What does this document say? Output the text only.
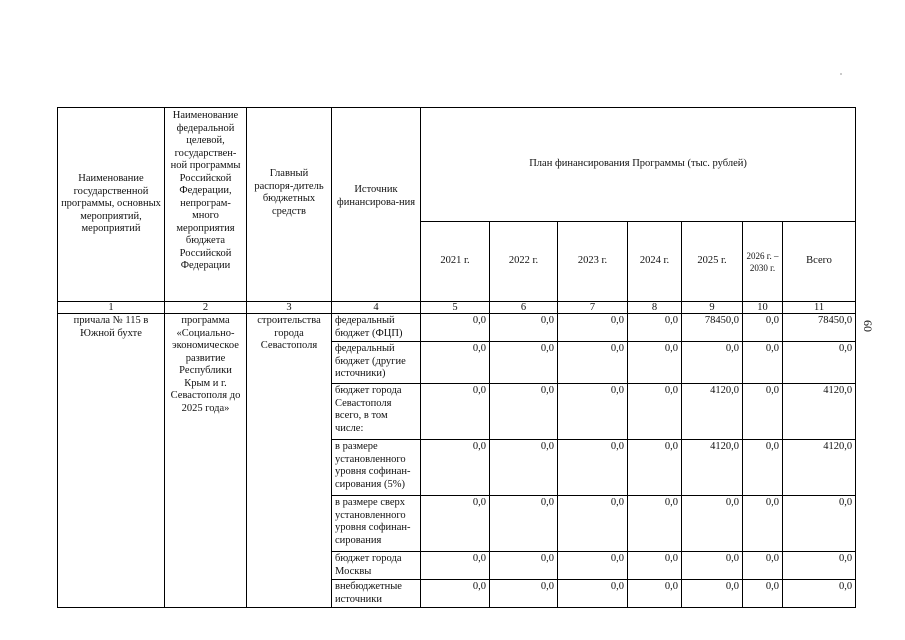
Наименование государственной программы, основных мероприятий, мероприятий	Наименование федеральной целевой, государствен-ной программы Российской Федерации, непрограм-много мероприятия бюджета Российской Федерации	Главный распоря-дитель бюджетных средств	Источник финансирова-ния	План финансирования Программы (тыс. рублей)						
				2021 г.	2022 г.	2023 г.	2024 г.	2025 г.	2026 г. – 2030 г.	Всего
1	2	3	4	5	6	7	8	9	10	11
причала № 115 в Южной бухте	программа «Социально-экономическое развитие Республики Крым и г. Севастополя до 2025 года»	строительства города Севастополя	федеральный бюджет (ФЦП)	0,0	0,0	0,0	0,0	78450,0	0,0	78450,0
			федеральный бюджет (другие источники)	0,0	0,0	0,0	0,0	0,0	0,0	0,0
			бюджет города Севастополя всего, в том числе:	0,0	0,0	0,0	0,0	4120,0	0,0	4120,0
			в размере установленного уровня софинан-сирования (5%)	0,0	0,0	0,0	0,0	4120,0	0,0	4120,0
			в размере сверх установленного уровня софинан-сирования	0,0	0,0	0,0	0,0	0,0	0,0	0,0
			бюджет города Москвы	0,0	0,0	0,0	0,0	0,0	0,0	0,0
			внебюджетные источники	0,0	0,0	0,0	0,0	0,0	0,0	0,0
60
